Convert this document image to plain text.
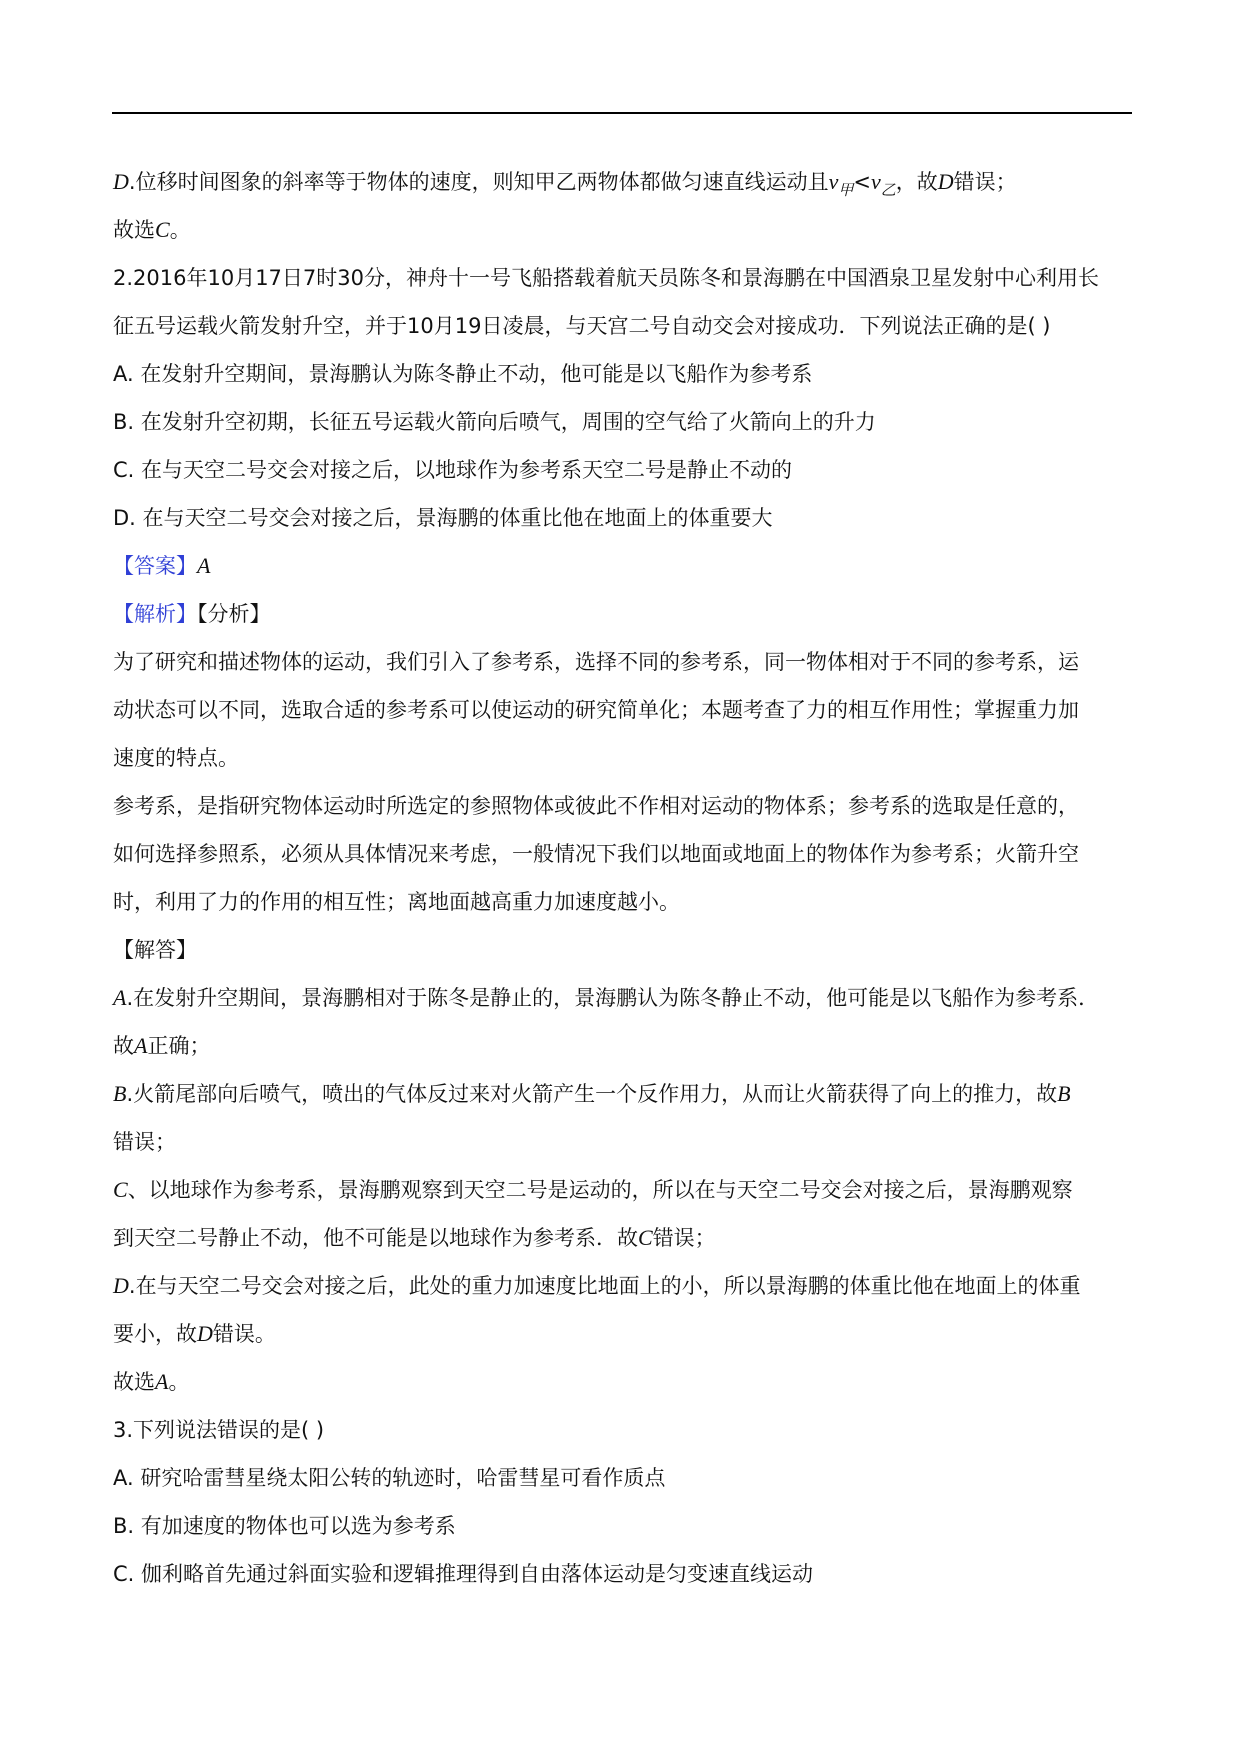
D.位移时间图象的斜率等于物体的速度，则知甲乙两物体都做匀速直线运动且$v_甲<v_乙$，故D错误；
故选C。
2.2016年10月17日7时30分，神舟十一号飞船搭载着航天员陈冬和景海鹏在中国酒泉卫星发射中心利用长
征五号运载火箭发射升空，并于10月19日凌晨，与天宫二号自动交会对接成功．下列说法正确的是( )
A. 在发射升空期间，景海鹏认为陈冬静止不动，他可能是以飞船作为参考系
B. 在发射升空初期，长征五号运载火箭向后喷气，周围的空气给了火箭向上的升力
C. 在与天空二号交会对接之后，以地球作为参考系天空二号是静止不动的
D. 在与天空二号交会对接之后，景海鹏的体重比他在地面上的体重要大
【答案】A
【解析】【分析】
为了研究和描述物体的运动，我们引入了参考系，选择不同的参考系，同一物体相对于不同的参考系，运
动状态可以不同，选取合适的参考系可以使运动的研究简单化；本题考查了力的相互作用性；掌握重力加
速度的特点。
参考系，是指研究物体运动时所选定的参照物体或彼此不作相对运动的物体系；参考系的选取是任意的，
如何选择参照系，必须从具体情况来考虑，一般情况下我们以地面或地面上的物体作为参考系；火箭升空
时，利用了力的作用的相互性；离地面越高重力加速度越小。
【解答】
A.在发射升空期间，景海鹏相对于陈冬是静止的，景海鹏认为陈冬静止不动，他可能是以飞船作为参考系．
故A正确；
B.火箭尾部向后喷气，喷出的气体反过来对火箭产生一个反作用力，从而让火箭获得了向上的推力，故B
错误；
C、以地球作为参考系，景海鹏观察到天空二号是运动的，所以在与天空二号交会对接之后，景海鹏观察
到天空二号静止不动，他不可能是以地球作为参考系．故C错误；
D.在与天空二号交会对接之后，此处的重力加速度比地面上的小，所以景海鹏的体重比他在地面上的体重
要小，故D错误。
故选A。
3.下列说法错误的是( )
A. 研究哈雷彗星绕太阳公转的轨迹时，哈雷彗星可看作质点
B. 有加速度的物体也可以选为参考系
C. 伽利略首先通过斜面实验和逻辑推理得到自由落体运动是匀变速直线运动
